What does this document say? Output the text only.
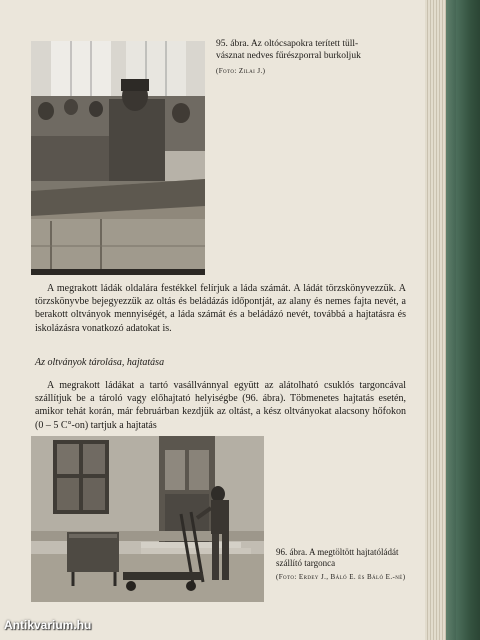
95. ábra. Az oltócsapokra terített tüll-vásznat nedves fűrészporral burkoljuk
(Foto: Zilai J.)

A megrakott ládák oldalára festékkel felírjuk a láda számát. A ládát törzskönyvezzük. A törzskönyvbe bejegyezzük az oltás és beládázás időpontját, az alany és nemes fajta nevét, a berakott oltványok mennyiségét, a láda számát és a beládázó nevét, továbbá a hajtatásra és iskolázásra vonatkozó adatokat is.

Az oltványok tárolása, hajtatása

A megrakott ládákat a tartó vasállvánnyal együtt az alátolható csuklós targoncával szállítjuk be a tároló vagy előhajtató helyiségbe (96. ábra). Töbmenetes hajtatás esetén, amikor tehát korán, már februárban kezdjük az oltást, a kész oltványokat alacsony hőfokon (0 – 5 C°-on) tartjuk a hajtatás

96. ábra. A megtöltött hajtatóládát szállító targonca
(Foto: Erdey J., Báló E. és Báló E.-né)
Antikvarium.hu
